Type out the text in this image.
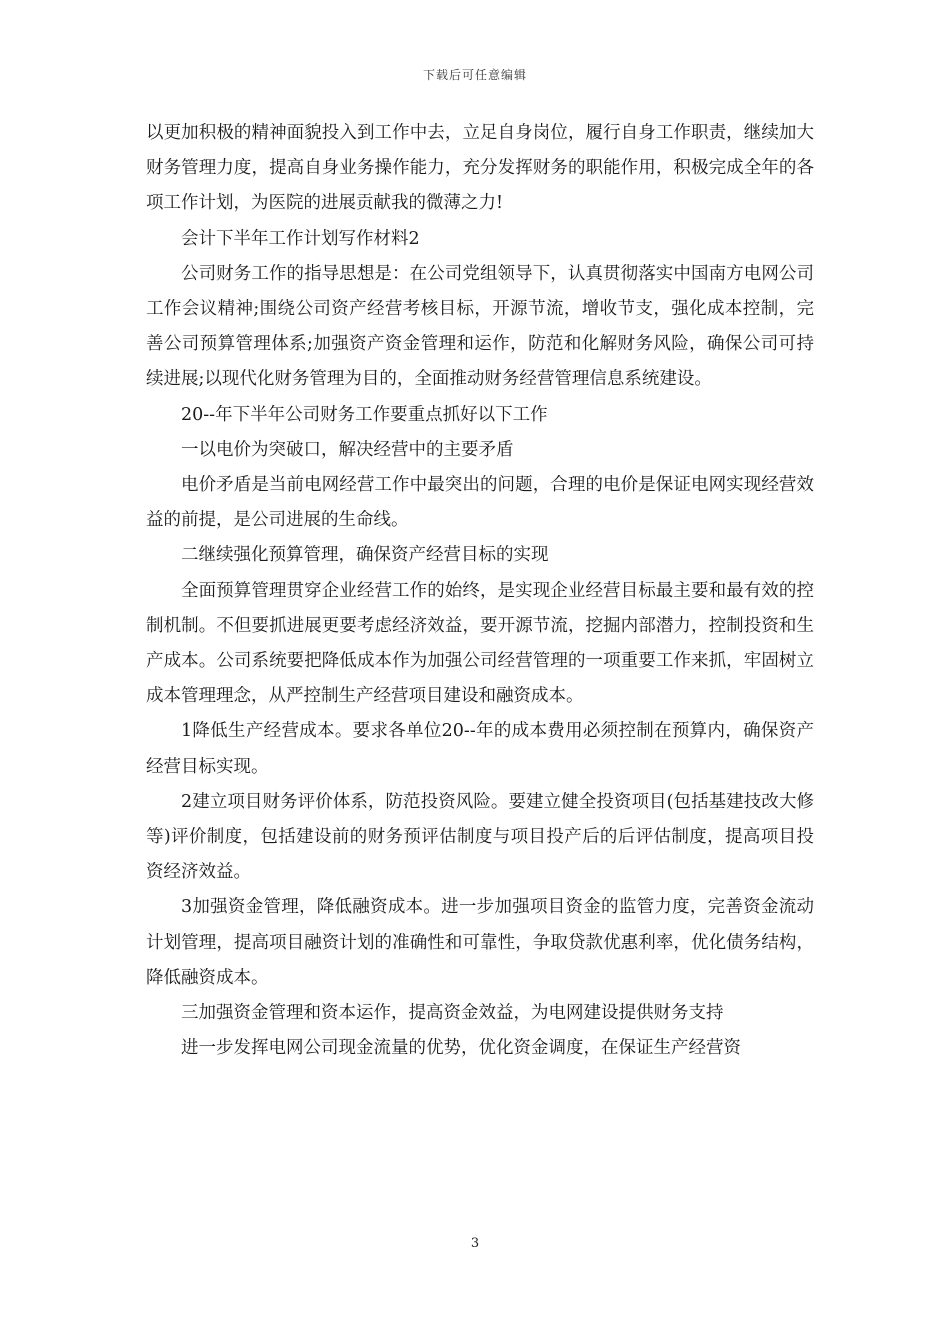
下载后可任意编辑

以更加积极的精神面貌投入到工作中去，立足自身岗位，履行自身工作职责，继续加大财务管理力度，提高自身业务操作能力，充分发挥财务的职能作用，积极完成全年的各项工作计划，为医院的进展贡献我的微薄之力!

会计下半年工作计划写作材料2

公司财务工作的指导思想是：在公司党组领导下，认真贯彻落实中国南方电网公司工作会议精神;围绕公司资产经营考核目标，开源节流，增收节支，强化成本控制，完善公司预算管理体系;加强资产资金管理和运作，防范和化解财务风险，确保公司可持续进展;以现代化财务管理为目的，全面推动财务经营管理信息系统建设。

20--年下半年公司财务工作要重点抓好以下工作

一以电价为突破口，解决经营中的主要矛盾

电价矛盾是当前电网经营工作中最突出的问题，合理的电价是保证电网实现经营效益的前提，是公司进展的生命线。

二继续强化预算管理，确保资产经营目标的实现

全面预算管理贯穿企业经营工作的始终，是实现企业经营目标最主要和最有效的控制机制。不但要抓进展更要考虑经济效益，要开源节流，挖掘内部潜力，控制投资和生产成本。公司系统要把降低成本作为加强公司经营管理的一项重要工作来抓，牢固树立成本管理理念，从严控制生产经营项目建设和融资成本。

1降低生产经营成本。要求各单位20--年的成本费用必须控制在预算内，确保资产经营目标实现。

2建立项目财务评价体系，防范投资风险。要建立健全投资项目(包括基建技改大修等)评价制度，包括建设前的财务预评估制度与项目投产后的后评估制度，提高项目投资经济效益。

3加强资金管理，降低融资成本。进一步加强项目资金的监管力度，完善资金流动计划管理，提高项目融资计划的准确性和可靠性，争取贷款优惠利率，优化债务结构，降低融资成本。

三加强资金管理和资本运作，提高资金效益，为电网建设提供财务支持

进一步发挥电网公司现金流量的优势，优化资金调度，在保证生产经营资

3
